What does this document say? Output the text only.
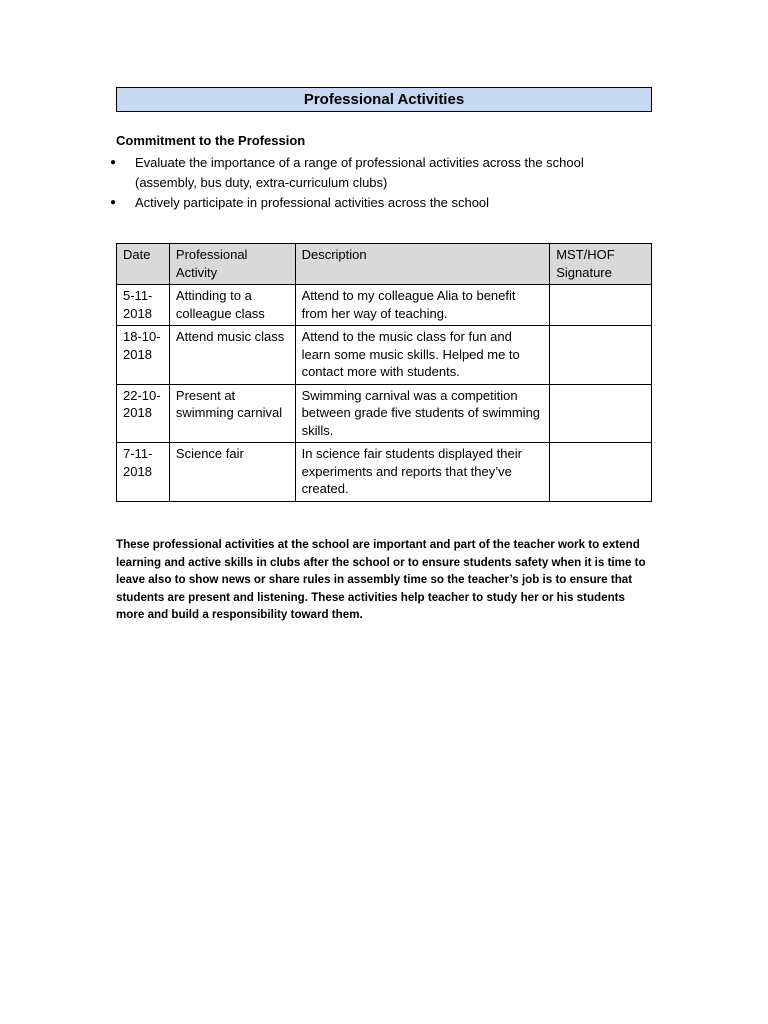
Professional Activities
Commitment to the Profession
● Evaluate the importance of a range of professional activities across the school (assembly, bus duty, extra-curriculum clubs)
● Actively participate in professional activities across the school
Date	Professional Activity	Description	MST/HOF Signature
5-11-2018	Attinding to a colleague class	Attend to my colleague Alia to benefit from her way of teaching.	
18-10-2018	Attend music class	Attend to the music class for fun and learn some music skills. Helped me to contact more with students.	
22-10-2018	Present at swimming carnival	Swimming carnival was a competition between grade five students of swimming skills.	
7-11-2018	Science fair	In science fair students displayed their experiments and reports that they’ve created.	

These professional activities at the school are important and part of the teacher work to extend learning and active skills in clubs after the school or to ensure students safety when it is time to leave also to show news or share rules in assembly time so the teacher’s job is to ensure that students are present and listening. These activities help teacher to study her or his students more and build a responsibility toward them.
